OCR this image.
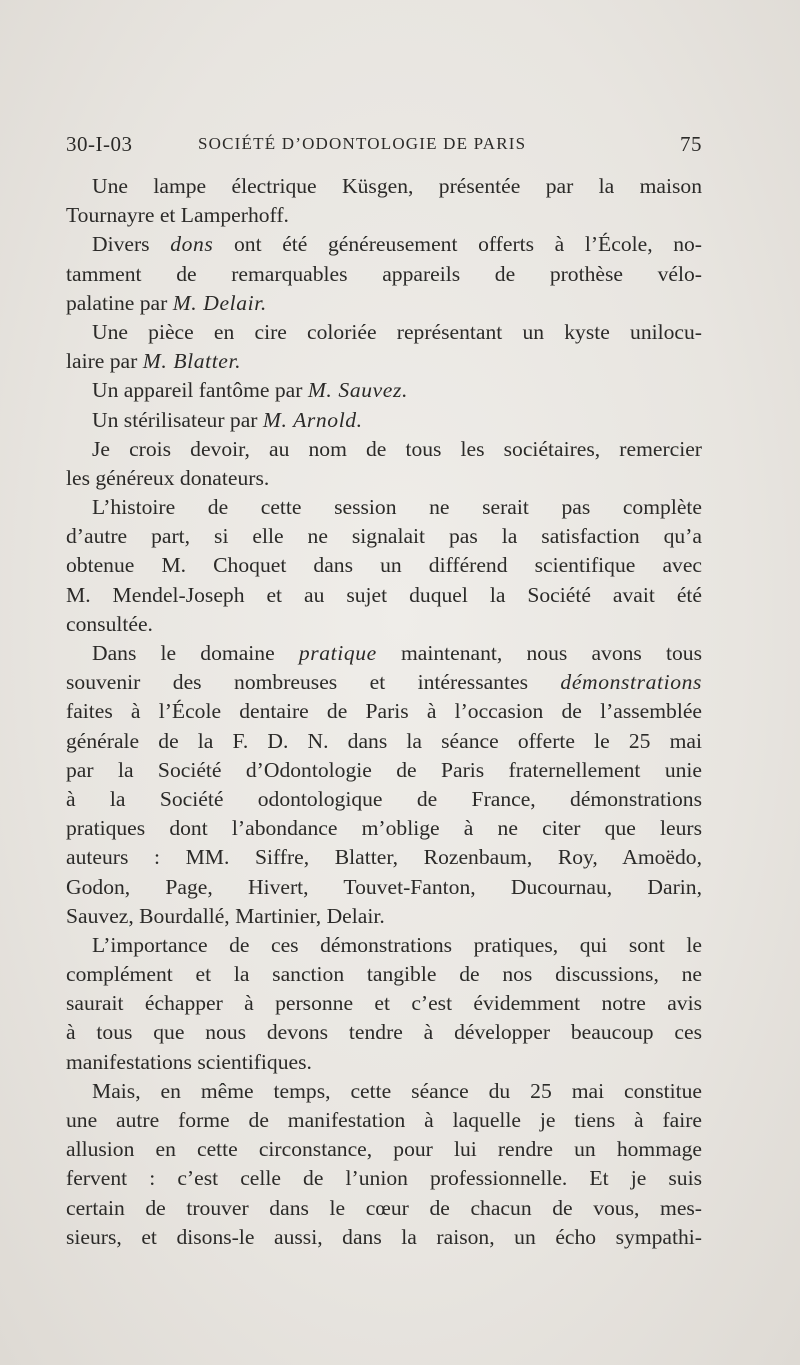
30-I-03	SOCIÉTÉ D’ODONTOLOGIE DE PARIS	75
Une lampe électrique Küsgen, présentée par la maison
Tournayre et Lamperhoff.
Divers dons ont été généreusement offerts à l’École, no-
tamment de remarquables appareils de prothèse vélo-
palatine par M. Delair.
Une pièce en cire coloriée représentant un kyste unilocu-
laire par M. Blatter.
Un appareil fantôme par M. Sauvez.
Un stérilisateur par M. Arnold.
Je crois devoir, au nom de tous les sociétaires, remercier
les généreux donateurs.
L’histoire de cette session ne serait pas complète
d’autre part, si elle ne signalait pas la satisfaction qu’a
obtenue M. Choquet dans un différend scientifique avec
M. Mendel-Joseph et au sujet duquel la Société avait été
consultée.
Dans le domaine pratique maintenant, nous avons tous
souvenir des nombreuses et intéressantes démonstrations
faites à l’École dentaire de Paris à l’occasion de l’assemblée
générale de la F. D. N. dans la séance offerte le 25 mai
par la Société d’Odontologie de Paris fraternellement unie
à la Société odontologique de France, démonstrations
pratiques dont l’abondance m’oblige à ne citer que leurs
auteurs : MM. Siffre, Blatter, Rozenbaum, Roy, Amoëdo,
Godon, Page, Hivert, Touvet-Fanton, Ducournau, Darin,
Sauvez, Bourdallé, Martinier, Delair.
L’importance de ces démonstrations pratiques, qui sont le
complément et la sanction tangible de nos discussions, ne
saurait échapper à personne et c’est évidemment notre avis
à tous que nous devons tendre à développer beaucoup ces
manifestations scientifiques.
Mais, en même temps, cette séance du 25 mai constitue
une autre forme de manifestation à laquelle je tiens à faire
allusion en cette circonstance, pour lui rendre un hommage
fervent : c’est celle de l’union professionnelle. Et je suis
certain de trouver dans le cœur de chacun de vous, mes-
sieurs, et disons-le aussi, dans la raison, un écho sympathi-
